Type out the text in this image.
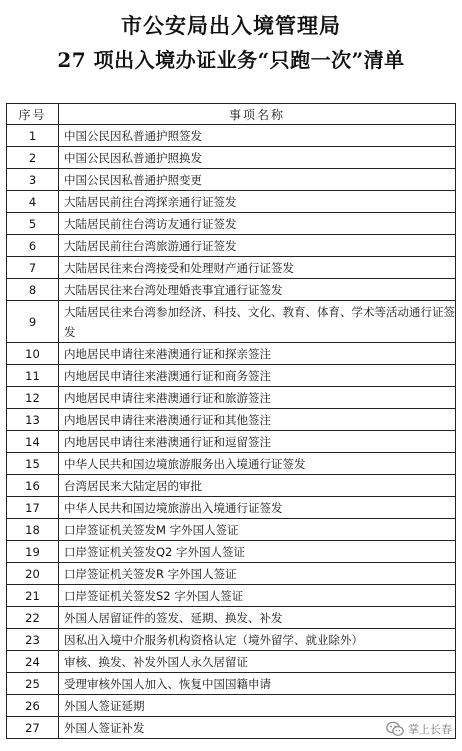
市公安局出入境管理局
27 项出入境办证业务“只跑一次”清单
序号	事项名称
1	中国公民因私普通护照签发
2	中国公民因私普通护照换发
3	中国公民因私普通护照变更
4	大陆居民前往台湾探亲通行证签发
5	大陆居民前往台湾访友通行证签发
6	大陆居民前往台湾旅游通行证签发
7	大陆居民往来台湾接受和处理财产通行证签发
8	大陆居民往来台湾处理婚丧事宜通行证签发
9	大陆居民往来台湾参加经济、科技、文化、教育、体育、学术等活动通行证签发
10	内地居民申请往来港澳通行证和探亲签注
11	内地居民申请往来港澳通行证和商务签注
12	内地居民申请往来港澳通行证和旅游签注
13	内地居民申请往来港澳通行证和其他签注
14	内地居民申请往来港澳通行证和逗留签注
15	中华人民共和国边境旅游服务出入境通行证签发
16	台湾居民来大陆定居的审批
17	中华人民共和国边境旅游出入境通行证签发
18	口岸签证机关签发M 字外国人签证
19	口岸签证机关签发Q2 字外国人签证
20	口岸签证机关签发R 字外国人签证
21	口岸签证机关签发S2 字外国人签证
22	外国人居留证件的签发、延期、换发、补发
23	因私出入境中介服务机构资格认定（境外留学、就业除外）
24	审核、换发、补发外国人永久居留证
25	受理审核外国人加入、恢复中国国籍申请
26	外国人签证延期
27	外国人签证补发	掌上长春
